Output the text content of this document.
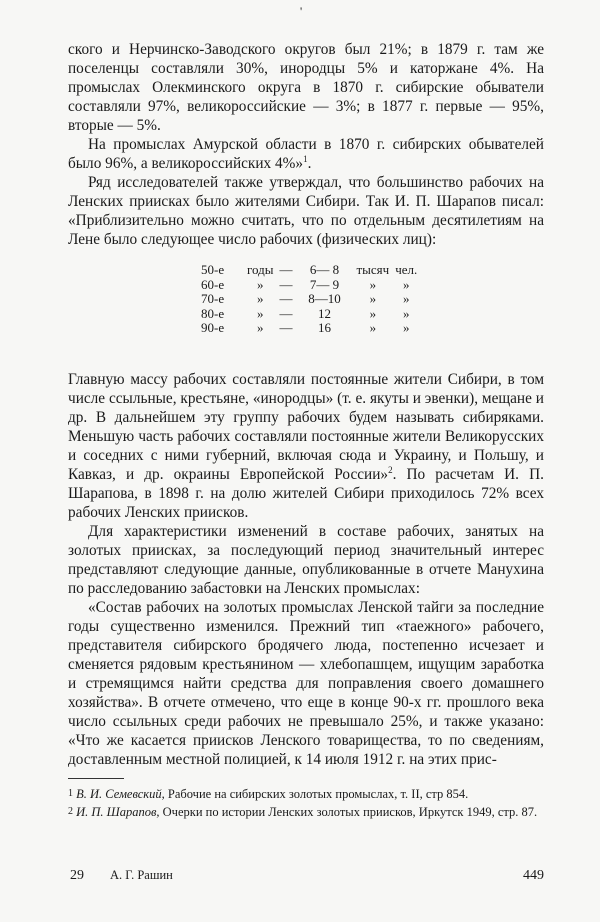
'

ского и Нерчинско-Заводского округов был 21%; в 1879 г. там же поселенцы составляли 30%, инородцы 5% и каторжане 4%. На промыслах Олекминского округа в 1870 г. сибирские обыватели составляли 97%, великороссийские — 3%; в 1877 г. первые — 95%, вторые — 5%.

На промыслах Амурской области в 1870 г. сибирских обывателей было 96%, а великороссийских 4%»$^1$.

Ряд исследователей также утверждал, что большинство рабочих на Ленских приисках было жителями Сибири. Так И. П. Шарапов писал: «Приблизительно можно считать, что по отдельным десятилетиям на Лене было следующее число рабочих (физических лиц):

50-е	годы	—	6— 8	тысяч	чел.
60-е	»	—	7— 9	»	»
70-е	»	—	8—10	»	»
80-е	»	—	12	»	»
90-е	»	—	16	»	»

Главную массу рабочих составляли постоянные жители Сибири, в том числе ссыльные, крестьяне, «инородцы» (т. е. якуты и эвенки), мещане и др. В дальнейшем эту группу рабочих будем называть сибиряками. Меньшую часть рабочих составляли постоянные жители Великорусских и соседних с ними губерний, включая сюда и Украину, и Польшу, и Кавказ, и др. окраины Европейской России»$^2$. По расчетам И. П. Шарапова, в 1898 г. на долю жителей Сибири приходилось 72% всех рабочих Ленских приисков.

Для характеристики изменений в составе рабочих, занятых на золотых приисках, за последующий период значительный интерес представляют следующие данные, опубликованные в отчете Манухина по расследованию забастовки на Ленских промыслах:

«Состав рабочих на золотых промыслах Ленской тайги за последние годы существенно изменился. Прежний тип «таежного» рабочего, представителя сибирского бродячего люда, постепенно исчезает и сменяется рядовым крестьянином — хлебопашцем, ищущим заработка и стремящимся найти средства для поправления своего домашнего хозяйства». В отчете отмечено, что еще в конце 90-х гг. прошлого века число ссыльных среди рабочих не превышало 25%, и также указано: «Что же касается приисков Ленского товарищества, то по сведениям, доставленным местной полицией, к 14 июля 1912 г. на этих прис-

1 В. И. Семевский, Рабочие на сибирских золотых промыслах, т. II, стр 854.

2 И. П. Шарапов, Очерки по истории Ленских золотых приисков, Иркутск 1949, стр. 87.

29 А. Г. Рашин	449
